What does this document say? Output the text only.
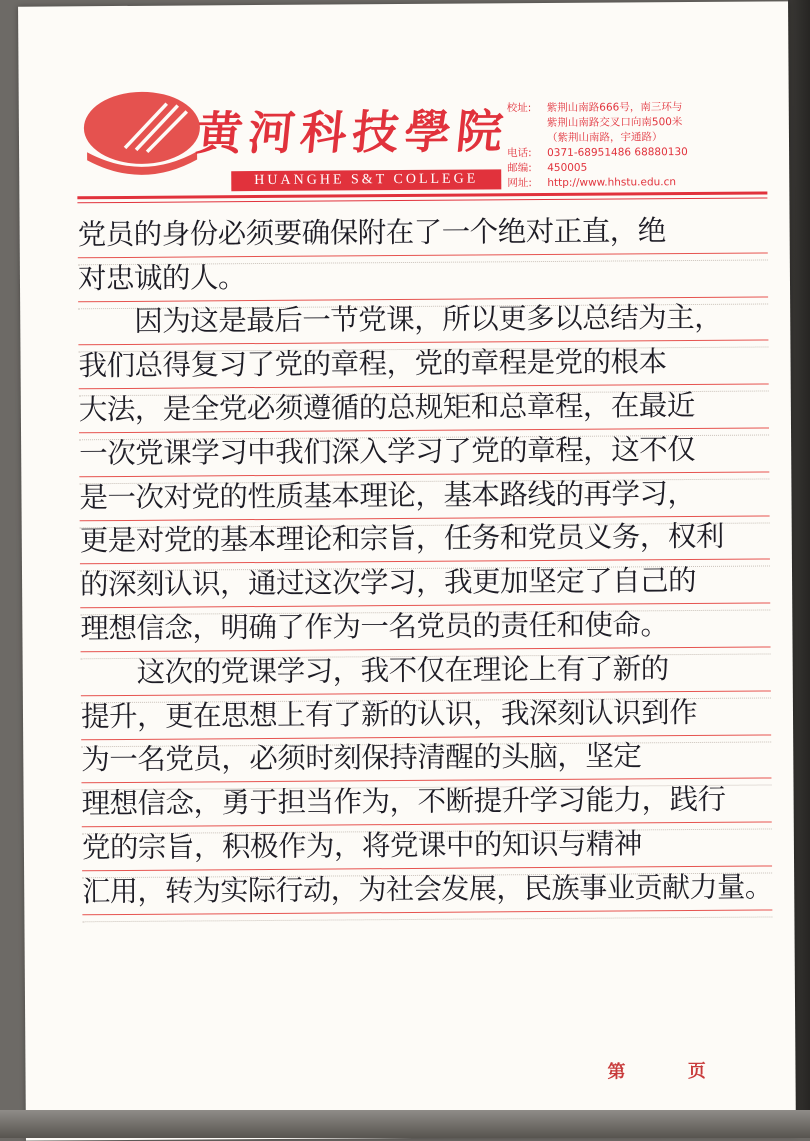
黄河科技學院
HUANGHE S&T COLLEGE
校址:	紫荆山南路666号，南三环与
紫荆山南路交叉口向南500米
（紫荆山南路，宇通路）
电话:	0371-68951486 68880130
邮编:	450005
网址:	http://www.hhstu.edu.cn
党员的身份必须要确保附在了一个绝对正直，绝
对忠诚的人。
因为这是最后一节党课，所以更多以总结为主，
我们总得复习了党的章程，党的章程是党的根本
大法，是全党必须遵循的总规矩和总章程，在最近
一次党课学习中我们深入学习了党的章程，这不仅
是一次对党的性质基本理论，基本路线的再学习，
更是对党的基本理论和宗旨，任务和党员义务，权利
的深刻认识，通过这次学习，我更加坚定了自己的
理想信念，明确了作为一名党员的责任和使命。
这次的党课学习，我不仅在理论上有了新的
提升，更在思想上有了新的认识，我深刻认识到作
为一名党员，必须时刻保持清醒的头脑，坚定
理想信念，勇于担当作为，不断提升学习能力，践行
党的宗旨，积极作为，将党课中的知识与精神
汇用，转为实际行动，为社会发展，民族事业贡献力量。
第	页
